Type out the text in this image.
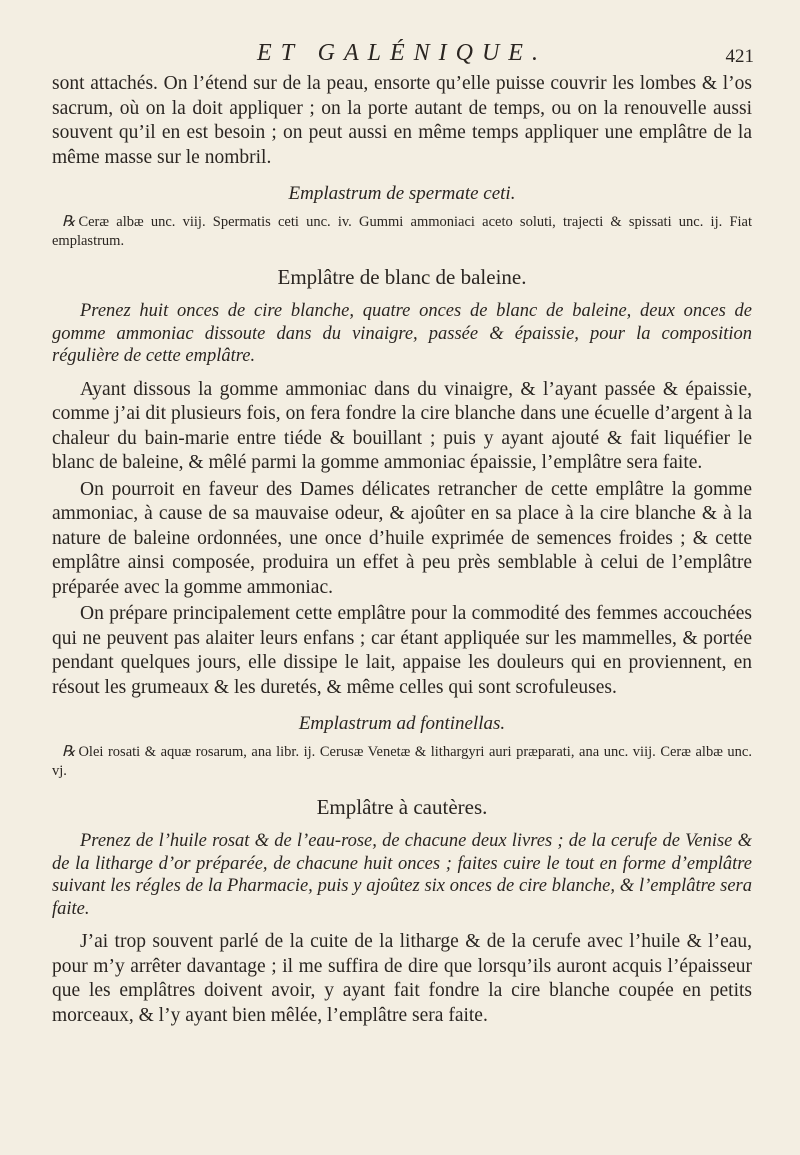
ET GALÉNIQUE.	421

sont attachés. On l’étend sur de la peau, ensorte qu’elle puisse couvrir les lombes & l’os sacrum, où on la doit appliquer ; on la porte autant de temps, ou on la renouvelle aussi souvent qu’il en est besoin ; on peut aussi en même temps appliquer une emplâtre de la même masse sur le nombril.

Emplastrum de spermate ceti.

℞ Ceræ albæ unc. viij. Spermatis ceti unc. iv. Gummi ammoniaci aceto soluti, trajecti & spissati unc. ij. Fiat emplastrum.

Emplâtre de blanc de baleine.

Prenez huit onces de cire blanche, quatre onces de blanc de baleine, deux onces de gomme ammoniac dissoute dans du vinaigre, passée & épaissie, pour la composition régulière de cette emplâtre.

Ayant dissous la gomme ammoniac dans du vinaigre, & l’ayant passée & épaissie, comme j’ai dit plusieurs fois, on fera fondre la cire blanche dans une écuelle d’argent à la chaleur du bain-marie entre tiéde & bouillant ; puis y ayant ajouté & fait liquéfier le blanc de baleine, & mêlé parmi la gomme ammoniac épaissie, l’emplâtre sera faite.

On pourroit en faveur des Dames délicates retrancher de cette emplâtre la gomme ammoniac, à cause de sa mauvaise odeur, & ajoûter en sa place à la cire blanche & à la nature de baleine ordonnées, une once d’huile exprimée de semences froides ; & cette emplâtre ainsi composée, produira un effet à peu près semblable à celui de l’emplâtre préparée avec la gomme ammoniac.

On prépare principalement cette emplâtre pour la commodité des femmes accouchées qui ne peuvent pas alaiter leurs enfans ; car étant appliquée sur les mammelles, & portée pendant quelques jours, elle dissipe le lait, appaise les douleurs qui en proviennent, en résout les grumeaux & les duretés, & même celles qui sont scrofuleuses.

Emplastrum ad fontinellas.

℞ Olei rosati & aquæ rosarum, ana libr. ij. Cerusæ Venetæ & lithargyri auri præparati, ana unc. viij. Ceræ albæ unc. vj.

Emplâtre à cautères.

Prenez de l’huile rosat & de l’eau-rose, de chacune deux livres ; de la cerufe de Venise & de la litharge d’or préparée, de chacune huit onces ; faites cuire le tout en forme d’emplâtre suivant les régles de la Pharmacie, puis y ajoûtez six onces de cire blanche, & l’emplâtre sera faite.

J’ai trop souvent parlé de la cuite de la litharge & de la cerufe avec l’huile & l’eau, pour m’y arrêter davantage ; il me suffira de dire que lorsqu’ils auront acquis l’épaisseur que les emplâtres doivent avoir, y ayant fait fondre la cire blanche coupée en petits morceaux, & l’y ayant bien mêlée, l’emplâtre sera faite.
